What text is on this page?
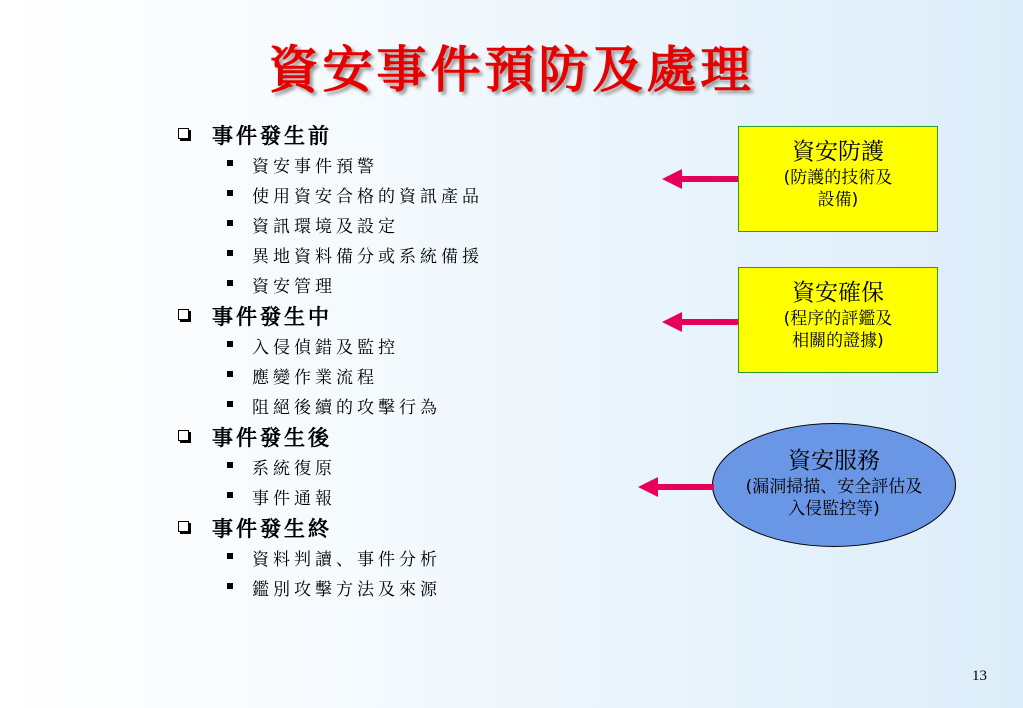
資安事件預防及處理
事件發生前
資安事件預警
使用資安合格的資訊產品
資訊環境及設定
異地資料備分或系統備援
資安管理
事件發生中
入侵偵錯及監控
應變作業流程
阻絕後續的攻擊行為
事件發生後
系統復原
事件通報
事件發生終
資料判讀、事件分析
鑑別攻擊方法及來源
資安防護
(防護的技術及
設備)
資安確保
(程序的評鑑及
相關的證據)
資安服務
(漏洞掃描、安全評估及
入侵監控等)
13
